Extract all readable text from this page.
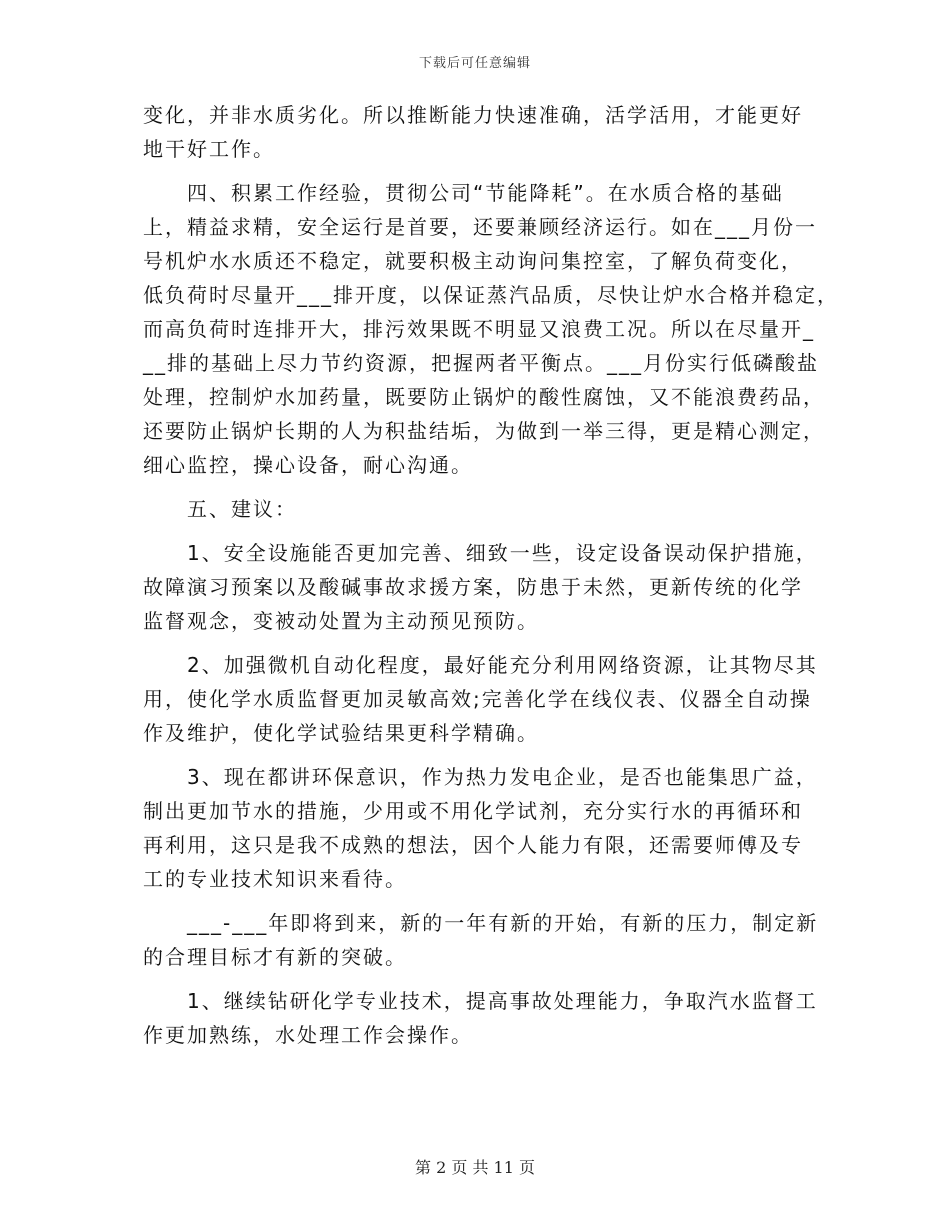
下载后可任意编辑
变化，并非水质劣化。所以推断能力快速准确，活学活用，才能更好
地干好工作。
四、积累工作经验，贯彻公司“节能降耗”。在水质合格的基础
上，精益求精，安全运行是首要，还要兼顾经济运行。如在___月份一
号机炉水水质还不稳定，就要积极主动询问集控室，了解负荷变化，
低负荷时尽量开___排开度，以保证蒸汽品质，尽快让炉水合格并稳定，
而高负荷时连排开大，排污效果既不明显又浪费工况。所以在尽量开_
__排的基础上尽力节约资源，把握两者平衡点。___月份实行低磷酸盐
处理，控制炉水加药量，既要防止锅炉的酸性腐蚀，又不能浪费药品，
还要防止锅炉长期的人为积盐结垢，为做到一举三得，更是精心测定，
细心监控，操心设备，耐心沟通。
五、建议：
1、安全设施能否更加完善、细致一些，设定设备误动保护措施，
故障演习预案以及酸碱事故求援方案，防患于未然，更新传统的化学
监督观念，变被动处置为主动预见预防。
2、加强微机自动化程度，最好能充分利用网络资源，让其物尽其
用，使化学水质监督更加灵敏高效;完善化学在线仪表、仪器全自动操
作及维护，使化学试验结果更科学精确。
3、现在都讲环保意识，作为热力发电企业，是否也能集思广益，
制出更加节水的措施，少用或不用化学试剂，充分实行水的再循环和
再利用，这只是我不成熟的想法，因个人能力有限，还需要师傅及专
工的专业技术知识来看待。
___-___年即将到来，新的一年有新的开始，有新的压力，制定新
的合理目标才有新的突破。
1、继续钻研化学专业技术，提高事故处理能力，争取汽水监督工
作更加熟练，水处理工作会操作。
第 2 页 共 11 页
